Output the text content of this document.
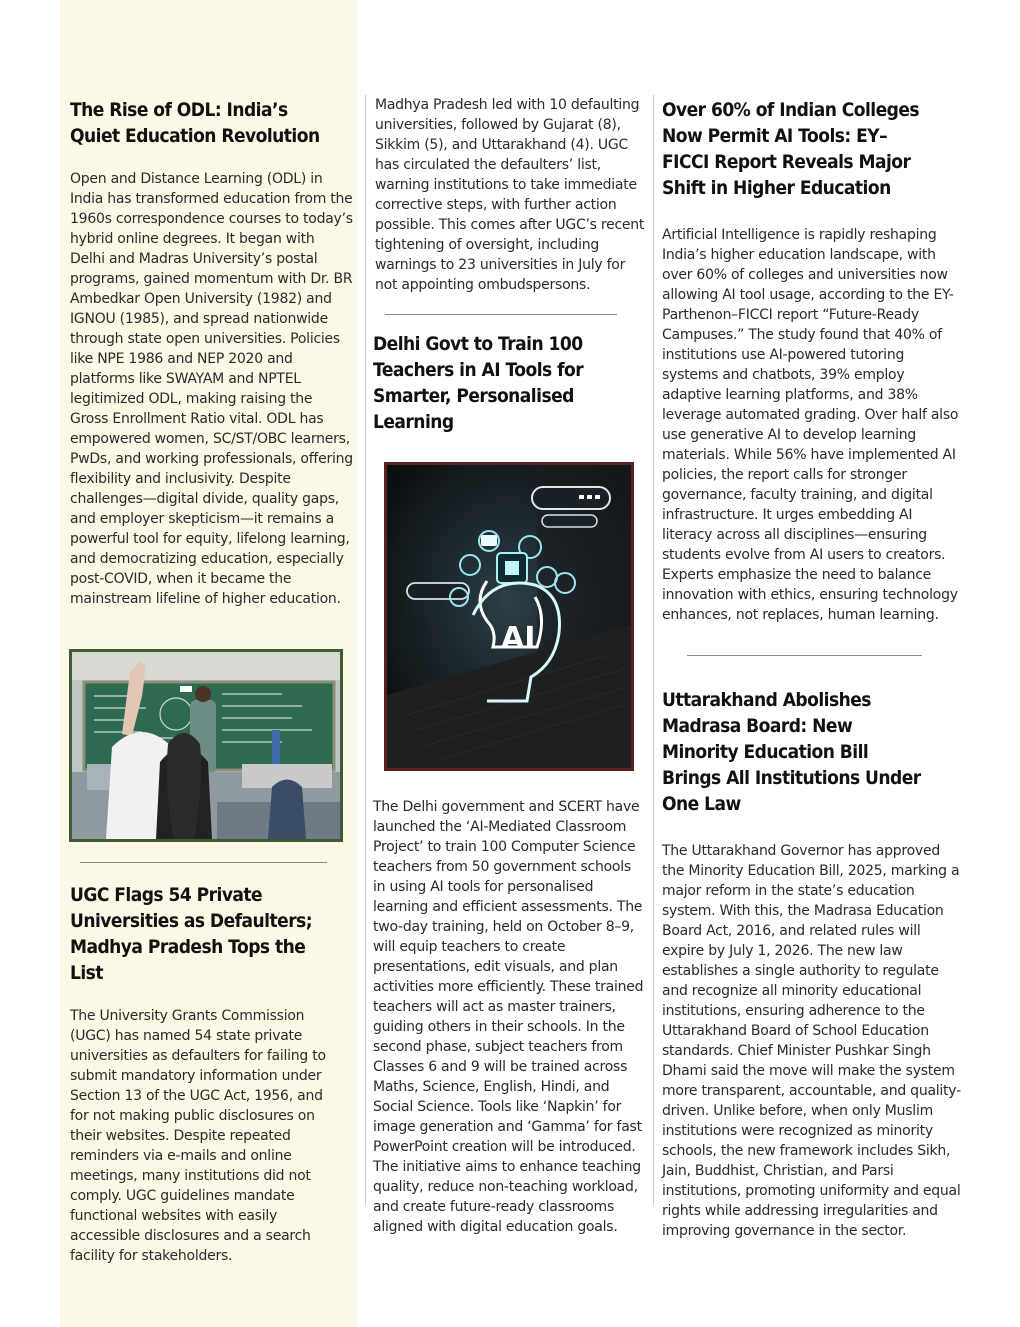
The Rise of ODL: India’s Quiet Education Revolution

Open and Distance Learning (ODL) in India has transformed education from the 1960s correspondence courses to today’s hybrid online degrees. It began with Delhi and Madras University’s postal programs, gained momentum with Dr. BR Ambedkar Open University (1982) and IGNOU (1985), and spread nationwide through state open universities. Policies like NPE 1986 and NEP 2020 and platforms like SWAYAM and NPTEL legitimized ODL, making raising the Gross Enrollment Ratio vital. ODL has empowered women, SC/ST/OBC learners, PwDs, and working professionals, offering flexibility and inclusivity. Despite challenges—digital divide, quality gaps, and employer skepticism—it remains a powerful tool for equity, lifelong learning, and democratizing education, especially post-COVID, when it became the mainstream lifeline of higher education.

UGC Flags 54 Private Universities as Defaulters; Madhya Pradesh Tops the List

The University Grants Commission (UGC) has named 54 state private universities as defaulters for failing to submit mandatory information under Section 13 of the UGC Act, 1956, and for not making public disclosures on their websites. Despite repeated reminders via e-mails and online meetings, many institutions did not comply. UGC guidelines mandate functional websites with easily accessible disclosures and a search facility for stakeholders.

Madhya Pradesh led with 10 defaulting universities, followed by Gujarat (8), Sikkim (5), and Uttarakhand (4). UGC has circulated the defaulters’ list, warning institutions to take immediate corrective steps, with further action possible. This comes after UGC’s recent tightening of oversight, including warnings to 23 universities in July for not appointing ombudspersons.

Delhi Govt to Train 100 Teachers in AI Tools for Smarter, Personalised Learning
AI

The Delhi government and SCERT have launched the ‘AI-Mediated Classroom Project’ to train 100 Computer Science teachers from 50 government schools in using AI tools for personalised learning and efficient assessments. The two-day training, held on October 8–9, will equip teachers to create presentations, edit visuals, and plan activities more efficiently. These trained teachers will act as master trainers, guiding others in their schools. In the second phase, subject teachers from Classes 6 and 9 will be trained across Maths, Science, English, Hindi, and Social Science. Tools like ‘Napkin’ for image generation and ‘Gamma’ for fast PowerPoint creation will be introduced. The initiative aims to enhance teaching quality, reduce non-teaching workload, and create future-ready classrooms aligned with digital education goals.

Over 60% of Indian Colleges Now Permit AI Tools: EY–FICCI Report Reveals Major Shift in Higher Education

Artificial Intelligence is rapidly reshaping India’s higher education landscape, with over 60% of colleges and universities now allowing AI tool usage, according to the EY-Parthenon–FICCI report “Future-Ready Campuses.” The study found that 40% of institutions use AI-powered tutoring systems and chatbots, 39% employ adaptive learning platforms, and 38% leverage automated grading. Over half also use generative AI to develop learning materials. While 56% have implemented AI policies, the report calls for stronger governance, faculty training, and digital infrastructure. It urges embedding AI literacy across all disciplines—ensuring students evolve from AI users to creators. Experts emphasize the need to balance innovation with ethics, ensuring technology enhances, not replaces, human learning.

Uttarakhand Abolishes Madrasa Board: New Minority Education Bill Brings All Institutions Under One Law

The Uttarakhand Governor has approved the Minority Education Bill, 2025, marking a major reform in the state’s education system. With this, the Madrasa Education Board Act, 2016, and related rules will expire by July 1, 2026. The new law establishes a single authority to regulate and recognize all minority educational institutions, ensuring adherence to the Uttarakhand Board of School Education standards. Chief Minister Pushkar Singh Dhami said the move will make the system more transparent, accountable, and quality-driven. Unlike before, when only Muslim institutions were recognized as minority schools, the new framework includes Sikh, Jain, Buddhist, Christian, and Parsi institutions, promoting uniformity and equal rights while addressing irregularities and improving governance in the sector.
